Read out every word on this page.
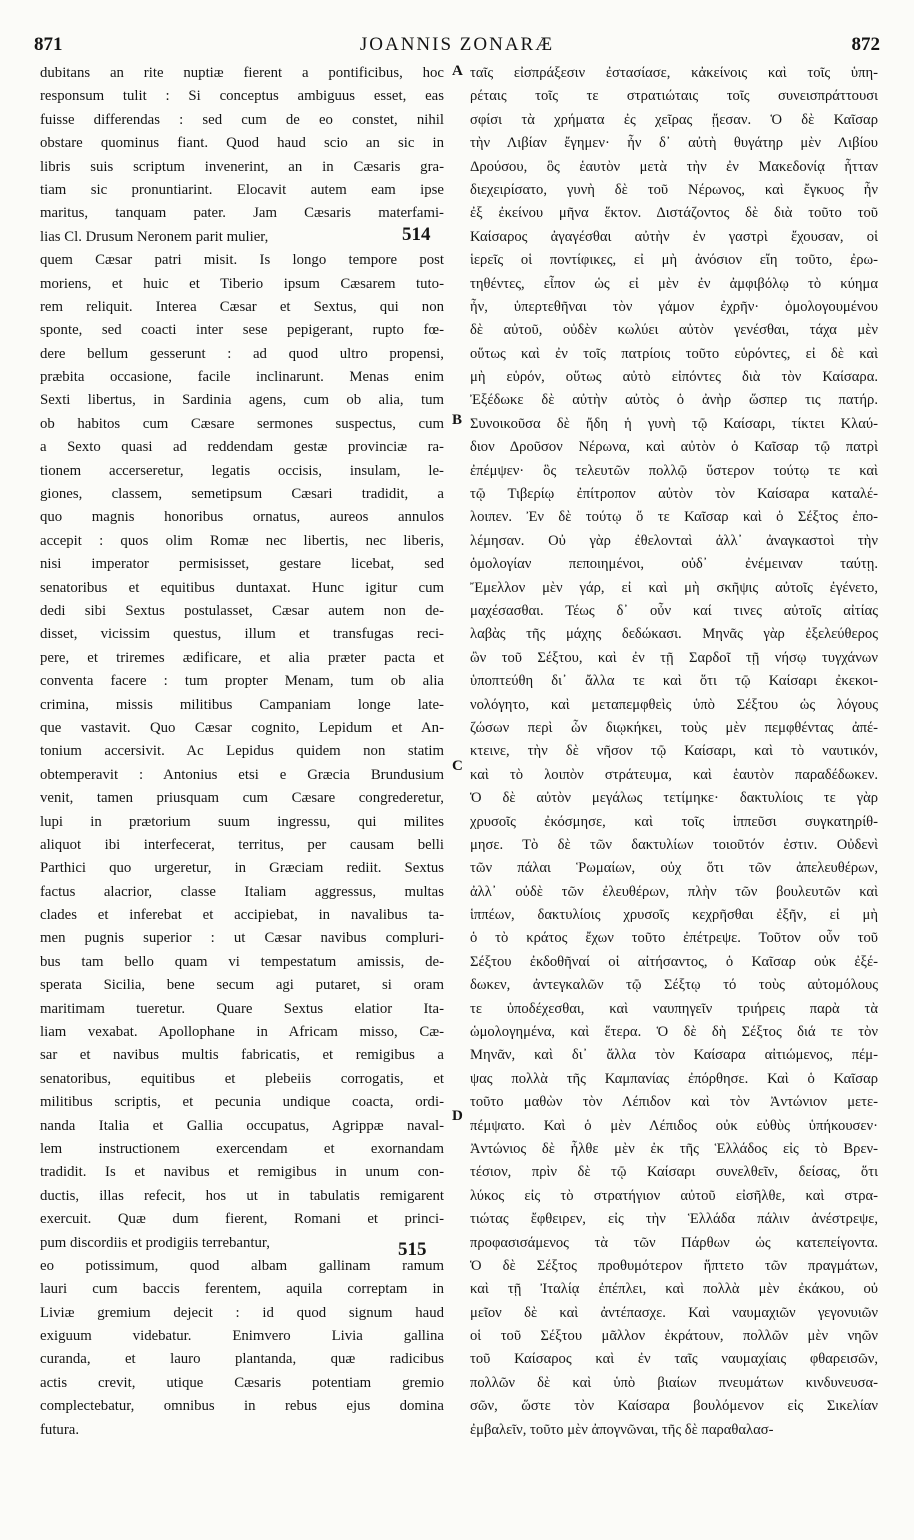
871	JOANNIS ZONARÆ	872
dubitans an rite nuptiæ fierent a pontificibus, hoc
responsum tulit : Si conceptus ambiguus esset, eas
fuisse differendas : sed cum de eo constet, nihil
obstare quominus fiant. Quod haud scio an sic in
libris suis scriptum invenerint, an in Cæsaris gra-
tiam sic pronuntiarint. Elocavit autem eam ipse
maritus, tanquam pater. Jam Cæsaris materfami-
lias Cl. Drusum Neronem parit mulier,
quem Cæsar patri misit. Is longo tempore post
moriens, et huic et Tiberio ipsum Cæsarem tuto-
rem reliquit. Interea Cæsar et Sextus, qui non
sponte, sed coacti inter sese pepigerant, rupto fœ-
dere bellum gesserunt : ad quod ultro propensi,
præbita occasione, facile inclinarunt. Menas enim
Sexti libertus, in Sardinia agens, cum ob alia, tum
ob habitos cum Cæsare sermones suspectus, cum
a Sexto quasi ad reddendam gestæ provinciæ ra-
tionem accerseretur, legatis occisis, insulam, le-
giones, classem, semetipsum Cæsari tradidit, a
quo magnis honoribus ornatus, aureos annulos
accepit : quos olim Romæ nec libertis, nec liberis,
nisi imperator permisisset, gestare licebat, sed
senatoribus et equitibus duntaxat. Hunc igitur cum
dedi sibi Sextus postulasset, Cæsar autem non de-
disset, vicissim questus, illum et transfugas reci-
pere, et triremes ædificare, et alia præter pacta et
conventa facere : tum propter Menam, tum ob alia
crimina, missis militibus Campaniam longe late-
que vastavit. Quo Cæsar cognito, Lepidum et An-
tonium accersivit. Ac Lepidus quidem non statim
obtemperavit : Antonius etsi e Græcia Brundusium
venit, tamen priusquam cum Cæsare congrederetur,
lupi in prætorium suum ingressu, qui milites
aliquot ibi interfecerat, territus, per causam belli
Parthici quo urgeretur, in Græciam rediit. Sextus
factus alacrior, classe Italiam aggressus, multas
clades et inferebat et accipiebat, in navalibus ta-
men pugnis superior : ut Cæsar navibus compluri-
bus tam bello quam vi tempestatum amissis, de-
sperata Sicilia, bene secum agi putaret, si oram
maritimam tueretur. Quare Sextus elatior Ita-
liam vexabat. Apollophane in Africam misso, Cæ-
sar et navibus multis fabricatis, et remigibus a
senatoribus, equitibus et plebeiis corrogatis, et
militibus scriptis, et pecunia undique coacta, ordi-
nanda Italia et Gallia occupatus, Agrippæ naval-
lem instructionem exercendam et exornandam
tradidit. Is et navibus et remigibus in unum con-
ductis, illas refecit, hos ut in tabulatis remigarent
exercuit. Quæ dum fierent, Romani et princi-
pum discordiis et prodigiis terrebantur,
eo potissimum, quod albam gallinam ramum
lauri cum baccis ferentem, aquila correptam in
Liviæ gremium dejecit : id quod signum haud
exiguum videbatur. Enimvero Livia gallina
curanda, et lauro plantanda, quæ radicibus
actis crevit, utique Cæsaris potentiam gremio
complectebatur, omnibus in rebus ejus domina
futura.
ταῖς εἰσπράξεσιν ἐστασίασε, κἀκείνοις καὶ τοῖς ὑπη-
ρέταις τοῖς τε στρατιώταις τοῖς συνεισπράττουσι
σφίσι τὰ χρήματα ἐς χεῖρας ᾔεσαν. Ὁ δὲ Καῖσαρ
τὴν Λιβίαν ἔγημεν· ἦν δ᾽ αὐτὴ θυγάτηρ μὲν Λιβίου
Δρούσου, ὃς ἑαυτὸν μετὰ τὴν ἐν Μακεδονίᾳ ἧτταν
διεχειρίσατο, γυνὴ δὲ τοῦ Νέρωνος, καὶ ἔγκυος ἦν
ἐξ ἐκείνου μῆνα ἕκτον. Διστάζοντος δὲ διὰ τοῦτο τοῦ
Καίσαρος ἀγαγέσθαι αὐτὴν ἐν γαστρὶ ἔχουσαν, οἱ
ἱερεῖς οἱ ποντίφικες, εἰ μὴ ἀνόσιον εἴη τοῦτο, ἐρω-
τηθέντες, εἶπον ὡς εἰ μὲν ἐν ἀμφιβόλῳ τὸ κύημα
ἦν, ὑπερτεθῆναι τὸν γάμον ἐχρῆν· ὁμολογουμένου
δὲ αὐτοῦ, οὐδὲν κωλύει αὐτὸν γενέσθαι, τάχα μὲν
οὕτως καὶ ἐν τοῖς πατρίοις τοῦτο εὑρόντες, εἰ δὲ καὶ
μὴ εὑρόν, οὕτως αὐτὸ εἰπόντες διὰ τὸν Καίσαρα.
Ἐξέδωκε δὲ αὐτὴν αὐτὸς ὁ ἀνὴρ ὥσπερ τις πατήρ.
Συνοικοῦσα δὲ ἤδη ἡ γυνὴ τῷ Καίσαρι, τίκτει Κλαύ-
διον Δροῦσον Νέρωνα, καὶ αὐτὸν ὁ Καῖσαρ τῷ πατρὶ
ἐπέμψεν· ὃς τελευτῶν πολλῷ ὕστερον τούτῳ τε καὶ
τῷ Τιβερίῳ ἐπίτροπον αὐτὸν τὸν Καίσαρα καταλέ-
λοιπεν. Ἐν δὲ τούτῳ ὅ τε Καῖσαρ καὶ ὁ Σέξτος ἐπο-
λέμησαν. Οὐ γὰρ ἐθελονταὶ ἀλλ᾽ ἀναγκαστοὶ τὴν
ὁμολογίαν πεποιημένοι, οὐδ᾽ ἐνέμειναν ταύτῃ.
Ἔμελλον μὲν γάρ, εἰ καὶ μὴ σκῆψις αὐτοῖς ἐγένετο,
μαχέσασθαι. Τέως δ᾽ οὖν καί τινες αὐτοῖς αἰτίας
λαβὰς τῆς μάχης δεδώκασι. Μηνᾶς γὰρ ἐξελεύθερος
ὢν τοῦ Σέξτου, καὶ ἐν τῇ Σαρδοῖ τῇ νήσῳ τυγχάνων
ὑποπτεύθη δι᾽ ἄλλα τε καὶ ὅτι τῷ Καίσαρι ἐκεκοι-
νολόγητο, καὶ μεταπεμφθεὶς ὑπὸ Σέξτου ὡς λόγους
ζώσων περὶ ὧν διῳκήκει, τοὺς μὲν πεμφθέντας ἀπέ-
κτεινε, τὴν δὲ νῆσον τῷ Καίσαρι, καὶ τὸ ναυτικόν,
καὶ τὸ λοιπὸν στράτευμα, καὶ ἑαυτὸν παραδέδωκεν.
Ὁ δὲ αὐτὸν μεγάλως τετίμηκε· δακτυλίοις τε γὰρ
χρυσοῖς ἐκόσμησε, καὶ τοῖς ἱππεῦσι συγκατηρίθ-
μησε. Τὸ δὲ τῶν δακτυλίων τοιοῦτόν ἐστιν. Οὐδενὶ
τῶν πάλαι Ῥωμαίων, οὐχ ὅτι τῶν ἀπελευθέρων,
ἀλλ᾽ οὐδὲ τῶν ἐλευθέρων, πλὴν τῶν βουλευτῶν καὶ
ἱππέων, δακτυλίοις χρυσοῖς κεχρῆσθαι ἐξῆν, εἰ μὴ
ὁ τὸ κράτος ἔχων τοῦτο ἐπέτρεψε. Τοῦτον οὖν τοῦ
Σέξτου ἐκδοθῆναί οἱ αἰτήσαντος, ὁ Καῖσαρ οὐκ ἐξέ-
δωκεν, ἀντεγκαλῶν τῷ Σέξτῳ τό τοὺς αὐτομόλους
τε ὑποδέχεσθαι, καὶ ναυπηγεῖν τριήρεις παρὰ τὰ
ὡμολογημένα, καὶ ἕτερα. Ὁ δὲ δὴ Σέξτος διά τε τὸν
Μηνᾶν, καὶ δι᾽ ἄλλα τὸν Καίσαρα αἰτιώμενος, πέμ-
ψας πολλὰ τῆς Καμπανίας ἐπόρθησε. Καὶ ὁ Καῖσαρ
τοῦτο μαθὼν τὸν Λέπιδον καὶ τὸν Ἀντώνιον μετε-
πέμψατο. Καὶ ὁ μὲν Λέπιδος οὐκ εὐθὺς ὑπήκουσεν·
Ἀντώνιος δὲ ἦλθε μὲν ἐκ τῆς Ἑλλάδος εἰς τὸ Βρεν-
τέσιον, πρὶν δὲ τῷ Καίσαρι συνελθεῖν, δείσας, ὅτι
λύκος εἰς τὸ στρατήγιον αὐτοῦ εἰσῆλθε, καὶ στρα-
τιώτας ἔφθειρεν, εἰς τὴν Ἑλλάδα πάλιν ἀνέστρεψε,
προφασισάμενος τὰ τῶν Πάρθων ὡς κατεπείγοντα.
Ὁ δὲ Σέξτος προθυμότερον ἥπτετο τῶν πραγμάτων,
καὶ τῇ Ἰταλίᾳ ἐπέπλει, καὶ πολλὰ μὲν ἐκάκου, οὐ
μεῖον δὲ καὶ ἀντέπασχε. Καὶ ναυμαχιῶν γεγονυιῶν
οἱ τοῦ Σέξτου μᾶλλον ἐκράτουν, πολλῶν μὲν νηῶν
τοῦ Καίσαρος καὶ ἐν ταῖς ναυμαχίαις φθαρεισῶν,
πολλῶν δὲ καὶ ὑπὸ βιαίων πνευμάτων κινδυνευσα-
σῶν, ὥστε τὸν Καίσαρα βουλόμενον εἰς Σικελίαν
ἐμβαλεῖν, τοῦτο μὲν ἀπογνῶναι, τῆς δὲ παραθαλασ-
A
B
C
D
514
515
